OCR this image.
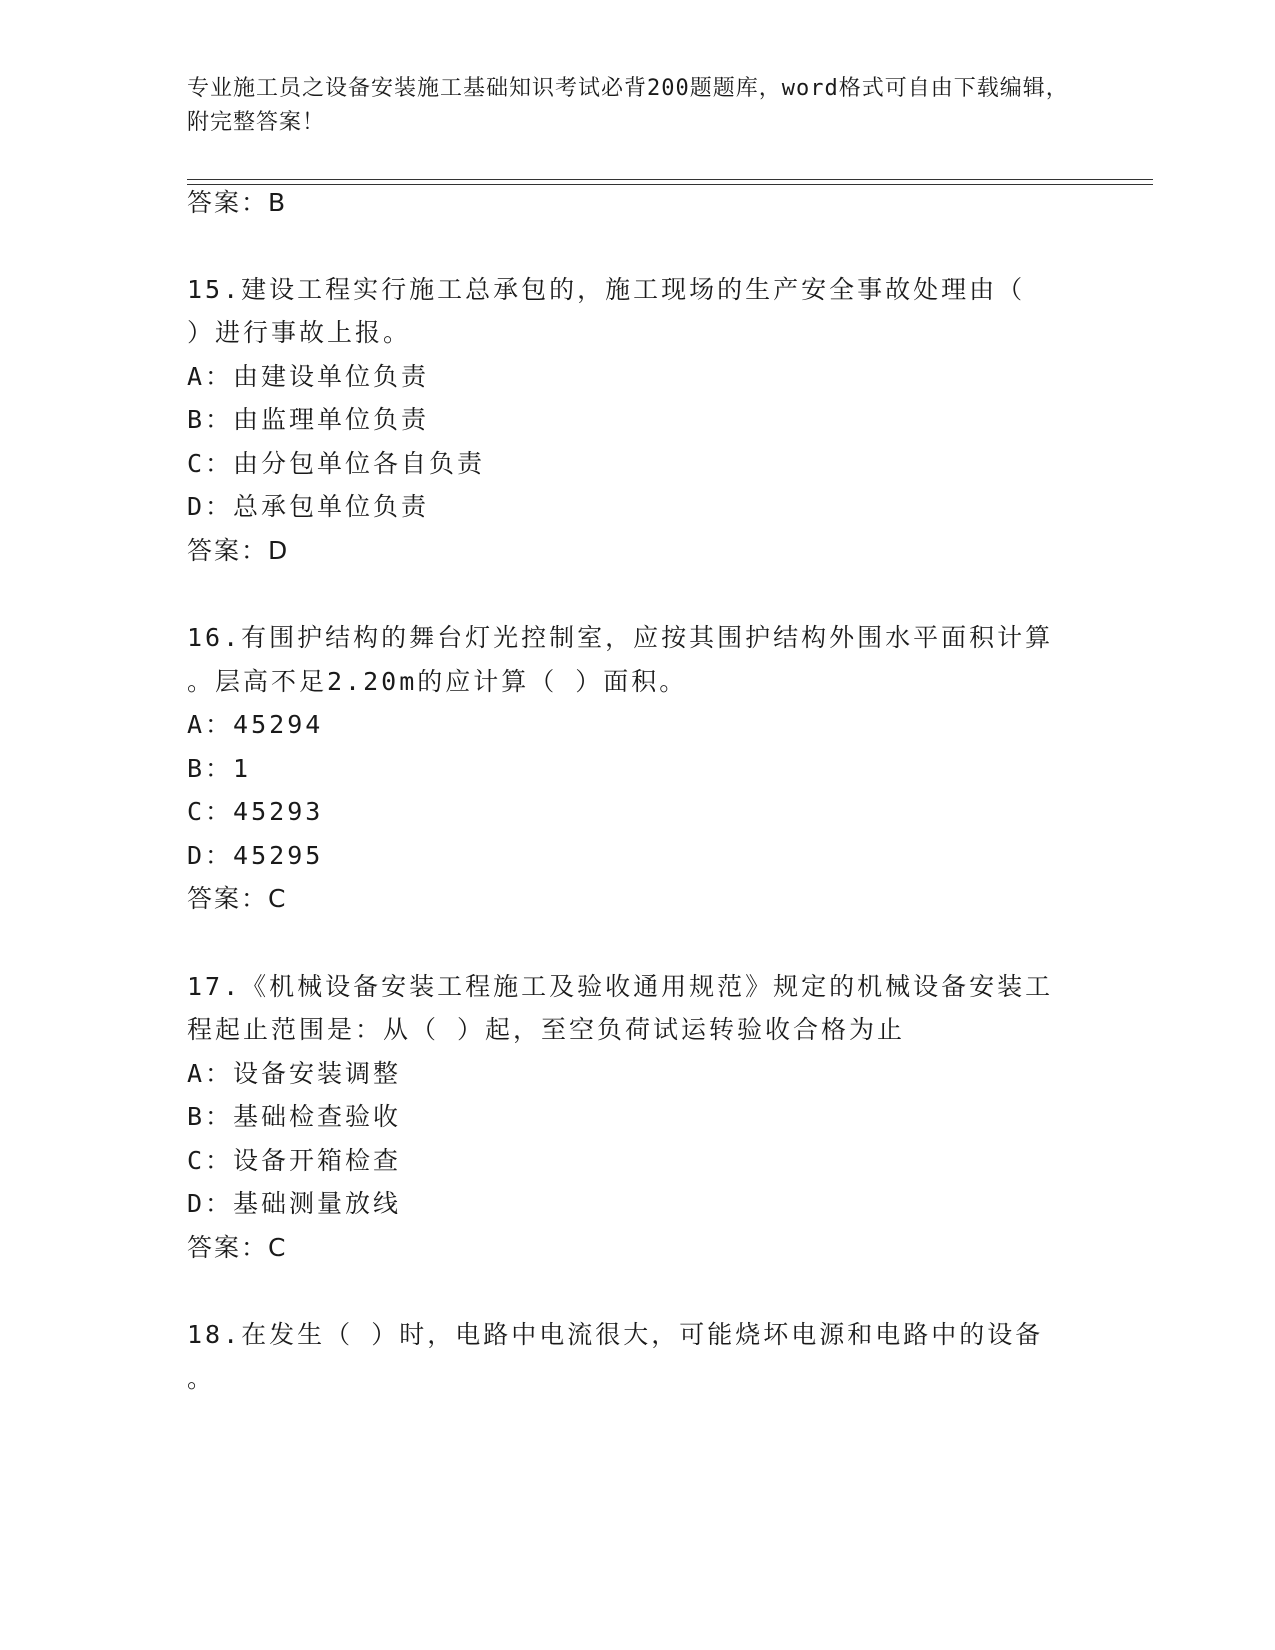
专业施工员之设备安装施工基础知识考试必背200题题库，word格式可自由下载编辑，附完整答案！
答案：B
15.建设工程实行施工总承包的，施工现场的生产安全事故处理由（
）进行事故上报。
A：由建设单位负责
B：由监理单位负责
C：由分包单位各自负责
D：总承包单位负责
答案：D
16.有围护结构的舞台灯光控制室，应按其围护结构外围水平面积计算
。层高不足2.20m的应计算（ ）面积。
A：45294
B：1
C：45293
D：45295
答案：C
17.《机械设备安装工程施工及验收通用规范》规定的机械设备安装工
程起止范围是：从（ ）起，至空负荷试运转验收合格为止
A：设备安装调整
B：基础检查验收
C：设备开箱检查
D：基础测量放线
答案：C
18.在发生（ ）时，电路中电流很大，可能烧坏电源和电路中的设备
。
